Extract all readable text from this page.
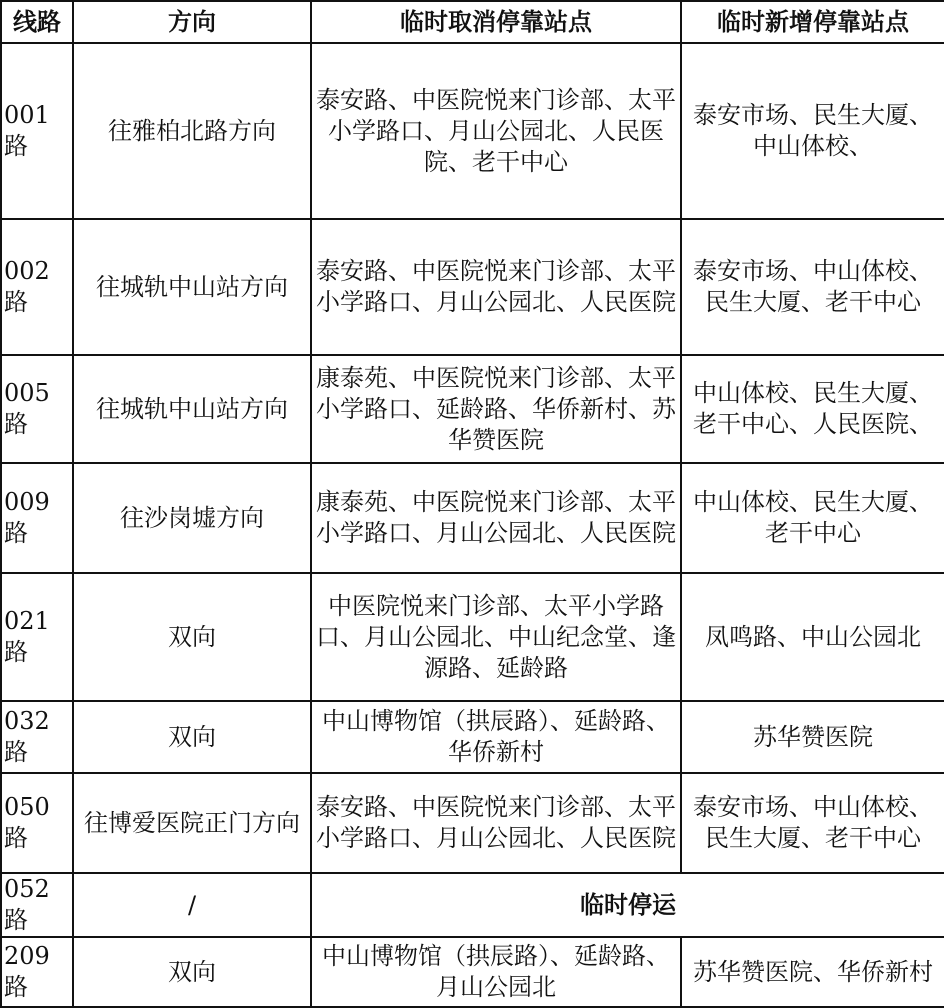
线路	方向	临时取消停靠站点	临时新增停靠站点
001路	往雅柏北路方向	泰安路、中医院悦来门诊部、太平小学路口、月山公园北、人民医院、老干中心	泰安市场、民生大厦、中山体校、
002路	往城轨中山站方向	泰安路、中医院悦来门诊部、太平小学路口、月山公园北、人民医院	泰安市场、中山体校、民生大厦、老干中心
005路	往城轨中山站方向	康泰苑、中医院悦来门诊部、太平小学路口、延龄路、华侨新村、苏华赞医院	中山体校、民生大厦、老干中心、人民医院、
009路	往沙岗墟方向	康泰苑、中医院悦来门诊部、太平小学路口、月山公园北、人民医院	中山体校、民生大厦、老干中心
021路	双向	中医院悦来门诊部、太平小学路口、月山公园北、中山纪念堂、逢源路、延龄路	凤鸣路、中山公园北
032路	双向	中山博物馆（拱辰路）、延龄路、华侨新村	苏华赞医院
050路	往博爱医院正门方向	泰安路、中医院悦来门诊部、太平小学路口、月山公园北、人民医院	泰安市场、中山体校、民生大厦、老干中心
052路	/	临时停运	
209路	双向	中山博物馆（拱辰路）、延龄路、月山公园北	苏华赞医院、华侨新村
